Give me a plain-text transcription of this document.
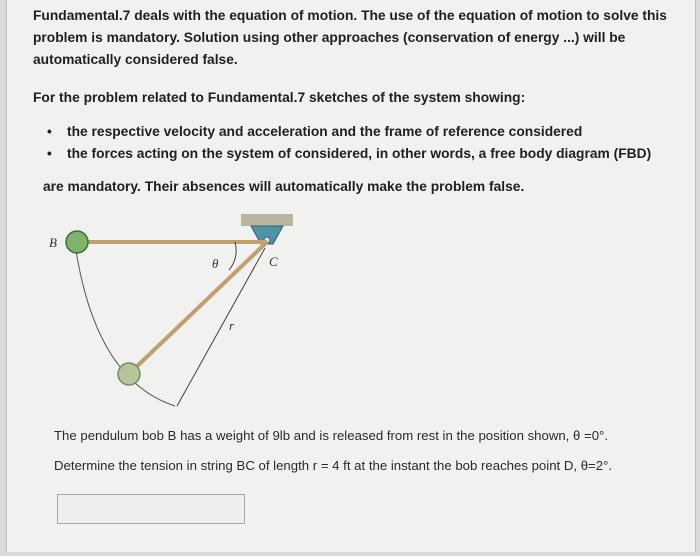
Fundamental.7 deals with the equation of motion. The use of the equation of motion to solve this problem is mandatory. Solution using other approaches (conservation of energy ...) will be automatically considered false.

For the problem related to Fundamental.7 sketches of the system showing:

• the respective velocity and acceleration and the frame of reference considered
• the forces acting on the system of considered, in other words, a free body diagram (FBD)

are mandatory. Their absences will automatically make the problem false.

B
θ	C
r

The pendulum bob B has a weight of 9lb and is released from rest in the position shown, θ =0°.

Determine the tension in string BC of length r = 4 ft at the instant the bob reaches point D, θ=2°.
